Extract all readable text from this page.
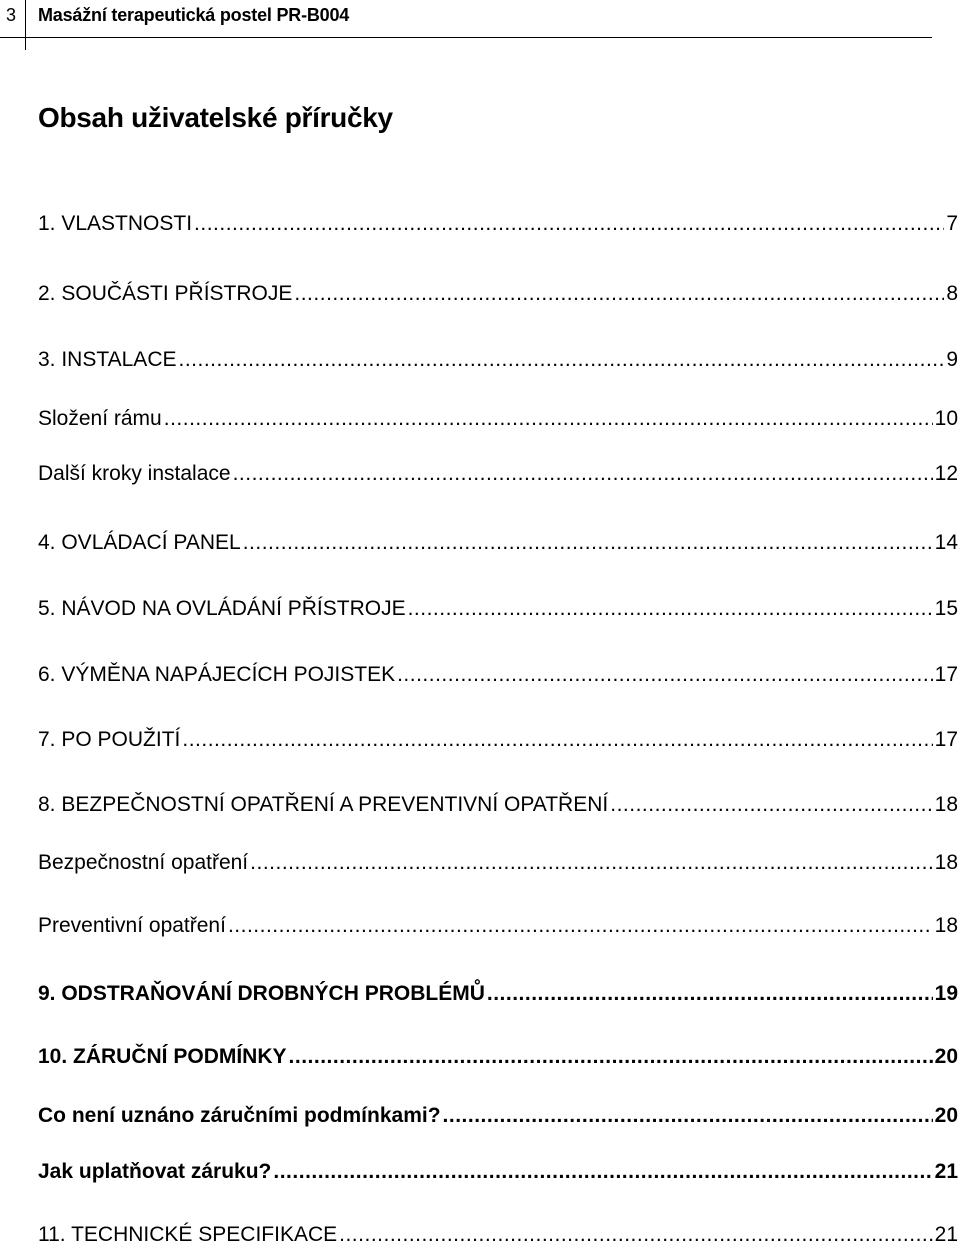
3 Masážní terapeutická postel PR-B004
Obsah uživatelské příručky
1. VLASTNOSTI .....	7
2. SOUČÁSTI PŘÍSTROJE .....	8
3. INSTALACE .....	9
Složení rámu .....	10
Další kroky instalace .....	12
4. OVLÁDACÍ PANEL .....	14
5. NÁVOD NA OVLÁDÁNÍ PŘÍSTROJE .....	15
6. VÝMĚNA NAPÁJECÍCH POJISTEK .....	17
7. PO POUŽITÍ .....	17
8. BEZPEČNOSTNÍ OPATŘENÍ A PREVENTIVNÍ OPATŘENÍ .....	18
Bezpečnostní opatření .....	18
Preventivní opatření .....	18
9. ODSTRAŇOVÁNÍ DROBNÝCH PROBLÉMŮ .....	19
10. ZÁRUČNÍ PODMÍNKY .....	20
Co není uznáno záručními podmínkami? .....	20
Jak uplatňovat záruku? .....	21
11. TECHNICKÉ SPECIFIKACE .....	21
